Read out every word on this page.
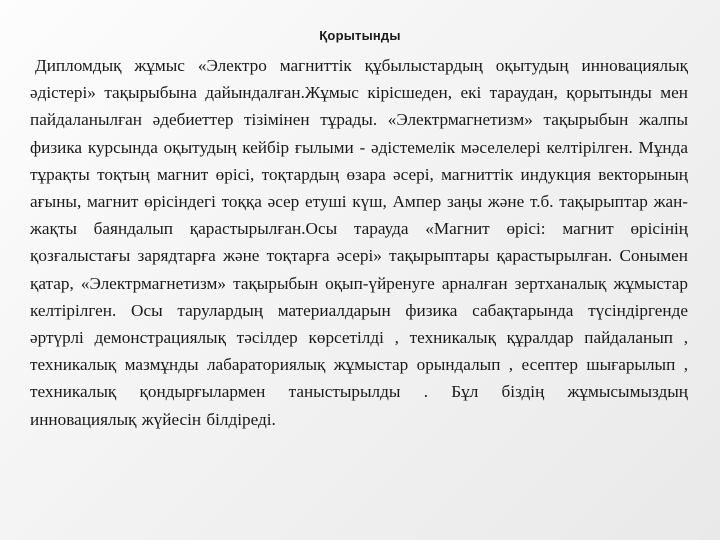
Қорытынды

Дипломдық жұмыс «Электро магниттік құбылыстардың оқытудың инновациялық әдістері» тақырыбына дайындалған.Жұмыс кірісшеден, екі тараудан, қорытынды мен пайдаланылған әдебиеттер тізімінен тұрады. «Электрмагнетизм» тақырыбын жалпы физика курсында оқытудың кейбір ғылыми - әдістемелік мәселелері келтірілген. Мұнда тұрақты тоқтың магнит өрісі, тоқтардың өзара әсері, магниттік индукция векторының ағыны, магнит өрісіндегі тоққа әсер етуші күш, Ампер заңы және т.б. тақырыптар жан-жақты баяндалып қарастырылған.Осы тарауда «Магнит өрісі: магнит өрісінің қозғалыстағы зарядтарға және тоқтарға әсері» тақырыптары қарастырылған. Сонымен қатар, «Электрмагнетизм» тақырыбын оқып-үйренуге арналған зертханалық жұмыстар келтірілген. Осы тарулардың материалдарын физика сабақтарында түсіндіргенде әртүрлі демонстрациялық тәсілдер көрсетілді , техникалық құралдар пайдаланып , техникалық мазмұнды лабараториялық жұмыстар орындалып , есептер шығарылып , техникалық қондырғылармен таныстырылды . Бұл біздің жұмысымыздың инновациялық жүйесін білдіреді.
